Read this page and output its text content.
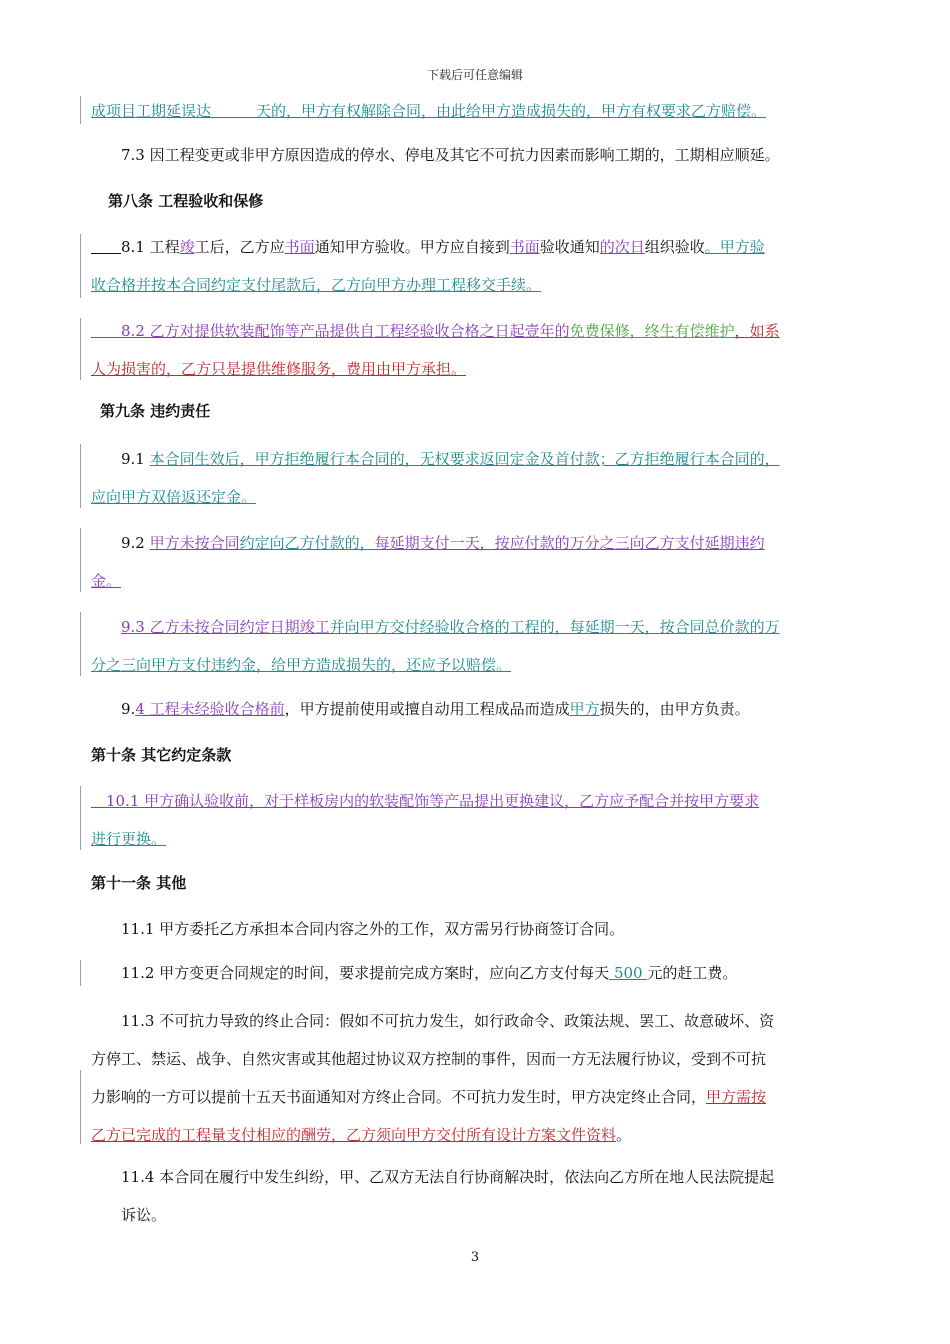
下载后可任意编辑
成项目工期延误达　　　	天的，甲方有权解除合同，由此给甲方造成损失的，甲方有权要求乙方赔偿。
7.3 因工程变更或非甲方原因造成的停水、停电及其它不可抗力因素而影响工期的，工期相应顺延。
第八条 工程验收和保修
　　8.1 工程竣工后，乙方应书面通知甲方验收。甲方应自接到书面验收通知的次日组织验收。甲方验
收合格并按本合同约定支付尾款后，乙方向甲方办理工程移交手续。
　　8.2 乙方对提供软装配饰等产品提供自工程经验收合格之日起壹年的免费保修，终生有偿维护，如系
人为损害的，乙方只是提供维修服务，费用由甲方承担。
第九条 违约责任
9.1 本合同生效后，甲方拒绝履行本合同的，无权要求返回定金及首付款；乙方拒绝履行本合同的，
应向甲方双倍返还定金。
9.2 甲方未按合同约定向乙方付款的，每延期支付一天，按应付款的万分之三向乙方支付延期违约
金。
9.3 乙方未按合同约定日期竣工并向甲方交付经验收合格的工程的，每延期一天，按合同总价款的万
分之三向甲方支付违约金，给甲方造成损失的，还应予以赔偿。
9.4 工程未经验收合格前，甲方提前使用或擅自动用工程成品而造成甲方损失的，由甲方负责。
第十条 其它约定条款
　10.1 甲方确认验收前，对于样板房内的软装配饰等产品提出更换建议，乙方应予配合并按甲方要求
进行更换。
第十一条 其他
11.1 甲方委托乙方承担本合同内容之外的工作，双方需另行协商签订合同。
11.2 甲方变更合同规定的时间，要求提前完成方案时，应向乙方支付每天 500 元的赶工费。
11.3 不可抗力导致的终止合同：假如不可抗力发生，如行政命令、政策法规、罢工、故意破坏、资
方停工、禁运、战争、自然灾害或其他超过协议双方控制的事件，因而一方无法履行协议，受到不可抗
力影响的一方可以提前十五天书面通知对方终止合同。不可抗力发生时，甲方决定终止合同，甲方需按
乙方已完成的工程量支付相应的酬劳，乙方须向甲方交付所有设计方案文件资料。
11.4 本合同在履行中发生纠纷，甲、乙双方无法自行协商解决时，依法向乙方所在地人民法院提起
诉讼。
3
